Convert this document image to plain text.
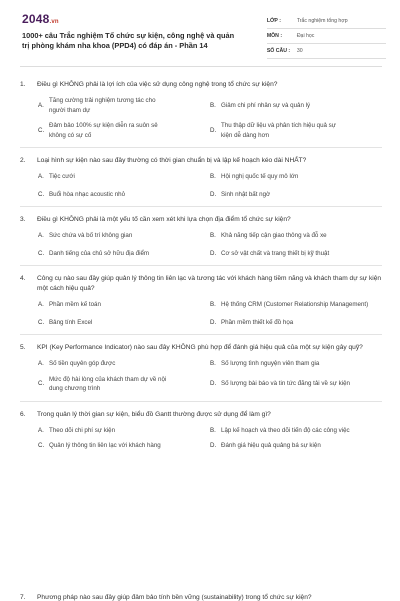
2048.vn
1000+ câu Trắc nghiệm Tổ chức sự kiện, công nghệ và quản trị phòng khám nha khoa (PPD4) có đáp án - Phần 14
LỚP :	Trắc nghiệm tổng hợp
MÔN :	Đại học
SỐ CÂU :	30
1.	Điều gì KHÔNG phải là lợi ích của việc sử dụng công nghệ trong tổ chức sự kiện?
A.
Tăng cường trải nghiệm tương tác cho người tham dự
B. Giảm chi phí nhân sự và quản lý
C.
Đảm bảo 100% sự kiện diễn ra suôn sẻ không có sự cố
D.
Thu thập dữ liệu và phân tích hiệu quả sự kiện dễ dàng hơn
2.	Loại hình sự kiện nào sau đây thường có thời gian chuẩn bị và lập kế hoạch kéo dài NHẤT?
A. Tiệc cưới	B. Hội nghị quốc tế quy mô lớn
C. Buổi hòa nhạc acoustic nhỏ	D. Sinh nhật bất ngờ
3.	Điều gì KHÔNG phải là một yếu tố cần xem xét khi lựa chọn địa điểm tổ chức sự kiện?
A. Sức chứa và bố trí không gian	B. Khả năng tiếp cận giao thông và đỗ xe
C. Danh tiếng của chủ sở hữu địa điểm	D. Cơ sở vật chất và trang thiết bị kỹ thuật
4.	Công cụ nào sau đây giúp quản lý thông tin liên lạc và tương tác với khách hàng tiềm năng và khách tham dự sự kiện một cách hiệu quả?
A. Phần mềm kế toán	B. Hệ thống CRM (Customer Relationship Management)
C. Bảng tính Excel	D. Phần mềm thiết kế đồ họa
5.	KPI (Key Performance Indicator) nào sau đây KHÔNG phù hợp để đánh giá hiệu quả của một sự kiện gây quỹ?
A. Số tiền quyên góp được	B. Số lượng tình nguyện viên tham gia
C.
Mức độ hài lòng của khách tham dự về nội dung chương trình
D. Số lượng bài báo và tin tức đăng tải về sự kiện
6.	Trong quản lý thời gian sự kiện, biểu đồ Gantt thường được sử dụng để làm gì?
A. Theo dõi chi phí sự kiện	B. Lập kế hoạch và theo dõi tiến độ các công việc
C. Quản lý thông tin liên lạc với khách hàng	D. Đánh giá hiệu quả quảng bá sự kiện
7.	Phương pháp nào sau đây giúp đảm bảo tính bền vững (sustainability) trong tổ chức sự kiện?
